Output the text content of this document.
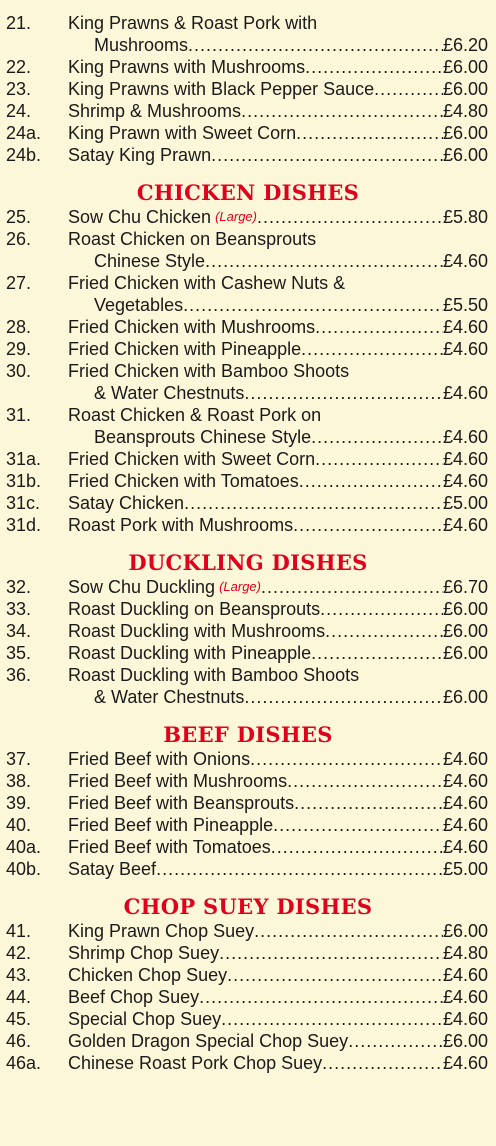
21.	King Prawns & Roast Pork with
Mushrooms .....	£6.20
22.	King Prawns with Mushrooms .....	£6.00
23.	King Prawns with Black Pepper Sauce .....	£6.00
24.	Shrimp & Mushrooms .....	£4.80
24a.	King Prawn with Sweet Corn .....	£6.00
24b.	Satay King Prawn .....	£6.00
CHICKEN DISHES
25.	Sow Chu Chicken (Large) .....	£5.80
26.	Roast Chicken on Beansprouts
Chinese Style .....	£4.60
27.	Fried Chicken with Cashew Nuts &
Vegetables .....	£5.50
28.	Fried Chicken with Mushrooms .....	£4.60
29.	Fried Chicken with Pineapple .....	£4.60
30.	Fried Chicken with Bamboo Shoots
& Water Chestnuts .....	£4.60
31.	Roast Chicken & Roast Pork on
Beansprouts Chinese Style .....	£4.60
31a.	Fried Chicken with Sweet Corn .....	£4.60
31b.	Fried Chicken with Tomatoes .....	£4.60
31c.	Satay Chicken .....	£5.00
31d.	Roast Pork with Mushrooms .....	£4.60
DUCKLING DISHES
32.	Sow Chu Duckling (Large) .....	£6.70
33.	Roast Duckling on Beansprouts .....	£6.00
34.	Roast Duckling with Mushrooms .....	£6.00
35.	Roast Duckling with Pineapple .....	£6.00
36.	Roast Duckling with Bamboo Shoots
& Water Chestnuts .....	£6.00
BEEF DISHES
37.	Fried Beef with Onions .....	£4.60
38.	Fried Beef with Mushrooms .....	£4.60
39.	Fried Beef with Beansprouts .....	£4.60
40.	Fried Beef with Pineapple .....	£4.60
40a.	Fried Beef with Tomatoes .....	£4.60
40b.	Satay Beef .....	£5.00
CHOP SUEY DISHES
41.	King Prawn Chop Suey .....	£6.00
42.	Shrimp Chop Suey .....	£4.80
43.	Chicken Chop Suey .....	£4.60
44.	Beef Chop Suey .....	£4.60
45.	Special Chop Suey .....	£4.60
46.	Golden Dragon Special Chop Suey .....	£6.00
46a.	Chinese Roast Pork Chop Suey .....	£4.60
